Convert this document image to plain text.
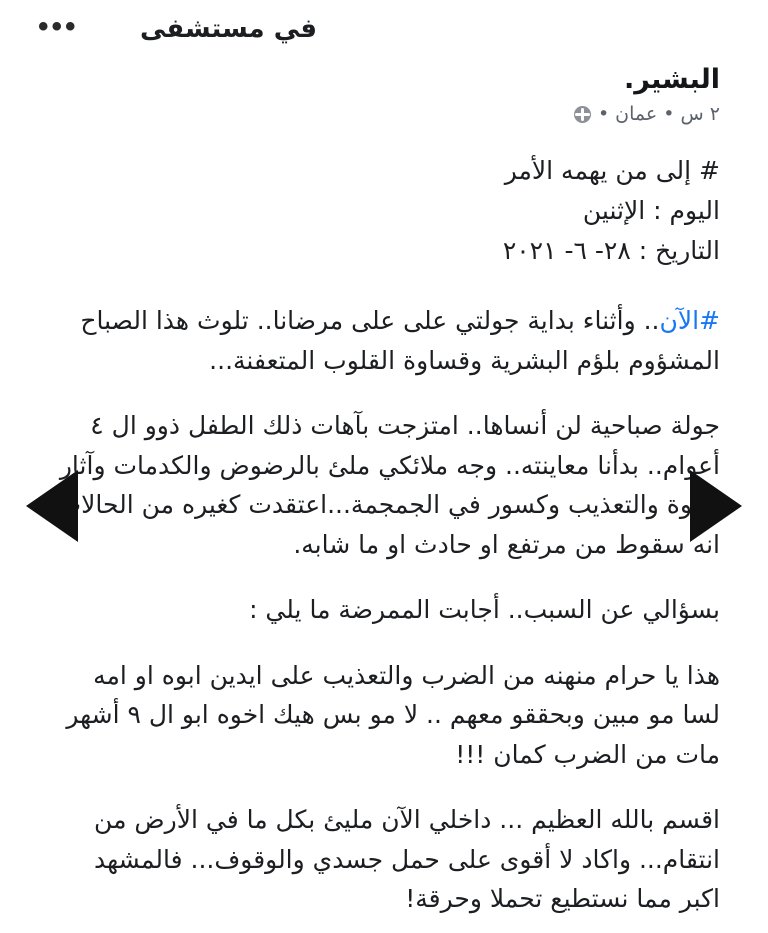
••• في مستشفى
البشير.
٢ س • عمان •
# إلى من يهمه الأمر
اليوم : الإثنين
التاريخ : ٢٨- ٦- ٢٠٢١

#الآن.. وأثناء بداية جولتي على على مرضانا.. تلوث هذا الصباح المشؤوم بلؤم البشرية وقساوة القلوب المتعفنة...

جولة صباحية لن أنساها.. امتزجت بآهات ذلك الطفل ذوو ال ٤ أعوام.. بدأنا معاينته.. وجه ملائكي ملئ بالرضوض والكدمات وآثار القوة والتعذيب وكسور في الجمجمة...اعتقدت كغيره من الحالات انه سقوط من مرتفع او حادث او ما شابه.

بسؤالي عن السبب.. أجابت الممرضة ما يلي :

هذا يا حرام منهنه من الضرب والتعذيب على ايدين ابوه او امه لسا مو مبين وبحققو معهم .. لا مو بس هيك اخوه ابو ال ٩ أشهر مات من الضرب كمان !!!

اقسم بالله العظيم ... داخلي الآن مليئ بكل ما في الأرض من انتقام... واكاد لا أقوى على حمل جسدي والوقوف... فالمشهد اكبر مما نستطيع تحملا وحرقة!
